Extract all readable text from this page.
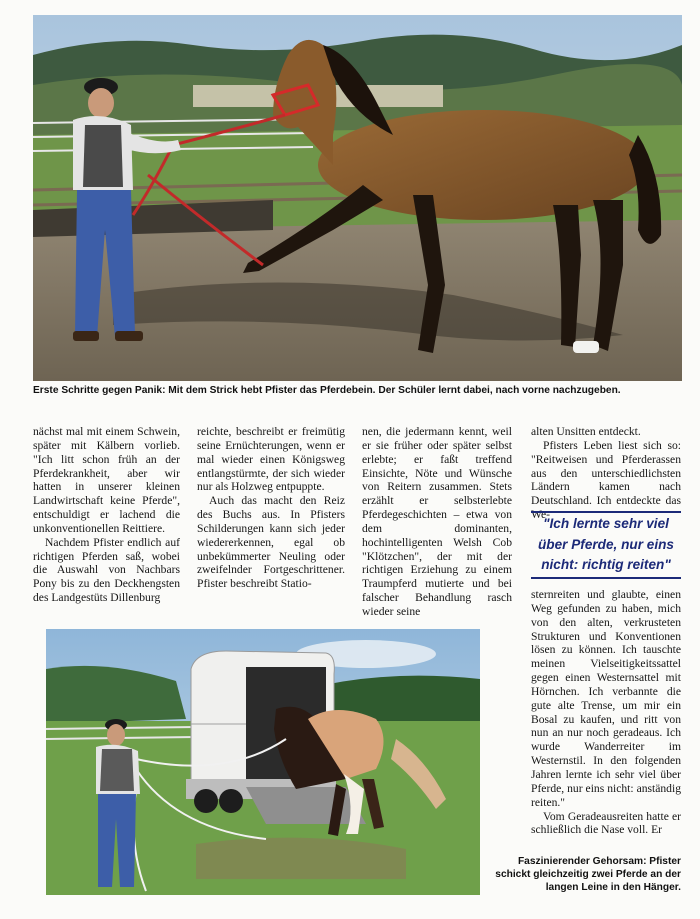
Erste Schritte gegen Panik: Mit dem Strick hebt Pfister das Pferdebein. Der Schüler lernt dabei, nach vorne nachzugeben.

nächst mal mit einem Schwein, später mit Kälbern vorlieb. "Ich litt schon früh an der Pferdekrankheit, aber wir hatten in unserer kleinen Landwirtschaft keine Pferde", entschuldigt er lachend die unkonventionellen Reittiere.

Nachdem Pfister endlich auf richtigen Pferden saß, wobei die Auswahl von Nachbars Pony bis zu den Deckhengsten des Landgestüts Dillenburg

reichte, beschreibt er freimütig seine Ernüchterungen, wenn er mal wieder einen Königsweg entlangstürmte, der sich wieder nur als Holzweg entpuppte.

Auch das macht den Reiz des Buchs aus. In Pfisters Schilderungen kann sich jeder wiedererkennen, egal ob unbekümmerter Neuling oder zweifelnder Fortgeschrittener. Pfister beschreibt Statio-

nen, die jedermann kennt, weil er sie früher oder später selbst erlebte; er faßt treffend Einsichte, Nöte und Wünsche von Reitern zusammen. Stets erzählt er selbsterlebte Pferdegeschichten – etwa von dem dominanten, hochintelligenten Welsh Cob "Klötzchen", der mit der richtigen Erziehung zu einem Traumpferd mutierte und bei falscher Behandlung rasch wieder seine

alten Unsitten entdeckt.

Pfisters Leben liest sich so: "Reitweisen und Pferderassen aus den unterschiedlichsten Ländern kamen nach Deutschland. Ich entdeckte das We-

"Ich lernte sehr viel
über Pferde, nur eins
nicht: richtig reiten"

sternreiten und glaubte, einen Weg gefunden zu haben, mich von den alten, verkrusteten Strukturen und Konventionen lösen zu können. Ich tauschte meinen Vielseitigkeitssattel gegen einen Westernsattel mit Hörnchen. Ich verbannte die gute alte Trense, um mir ein Bosal zu kaufen, und ritt von nun an nur noch geradeaus. Ich wurde Wanderreiter im Westernstil. In den folgenden Jahren lernte ich sehr viel über Pferde, nur eins nicht: anständig reiten."

Vom Geradeausreiten hatte er schließlich die Nase voll. Er

Faszinierender Gehorsam: Pfister
schickt gleichzeitig zwei Pferde an der
langen Leine in den Hänger.
